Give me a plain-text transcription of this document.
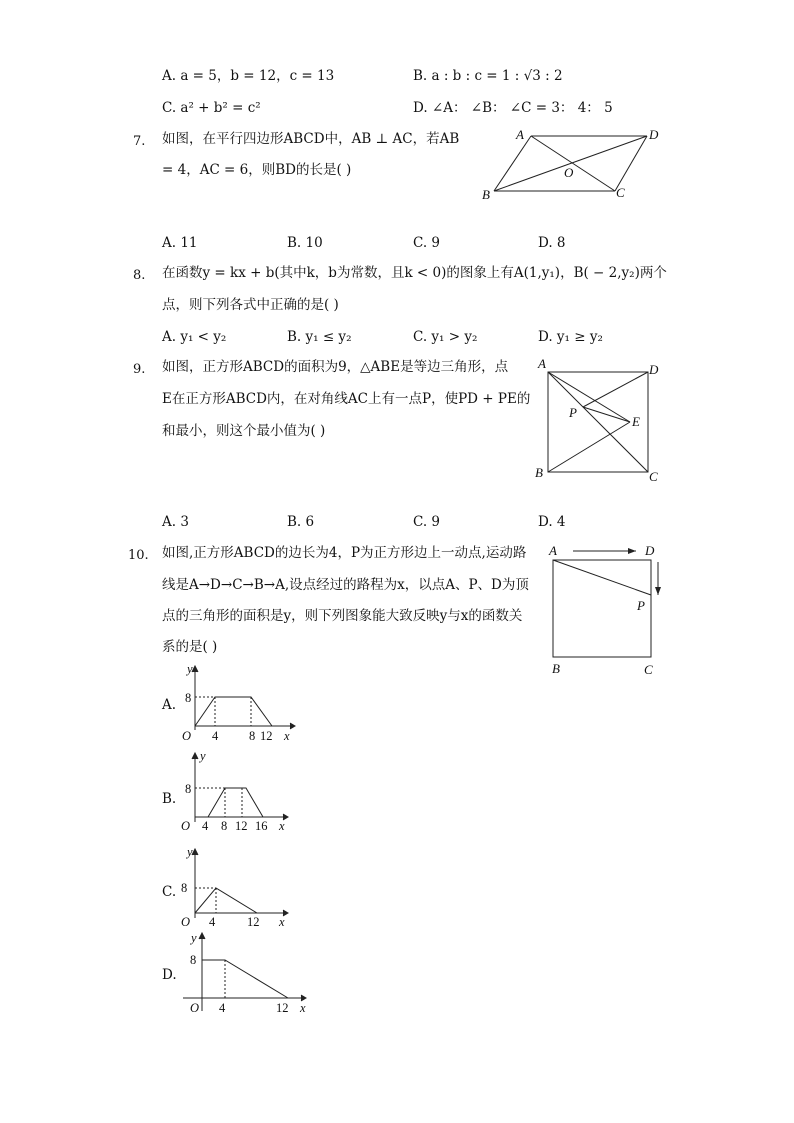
A. a = 5，b = 12，c = 13	B. a : b : c = 1 : √3 : 2
C. a² + b² = c²	D. ∠A： ∠B： ∠C = 3： 4： 5
7. 如图，在平行四边形ABCD中，AB ⊥ AC，若AB
= 4，AC = 6，则BD的长是( )
A	D
B	C
O
A. 11	B. 10	C. 9	D. 8
8. 在函数y = kx + b(其中k，b为常数，且k < 0)的图象上有A(1,y₁)，B( − 2,y₂)两个
点，则下列各式中正确的是( )
A. y₁ < y₂	B. y₁ ≤ y₂	C. y₁ > y₂	D. y₁ ≥ y₂
9. 如图，正方形ABCD的面积为9，△ABE是等边三角形，点
E在正方形ABCD内，在对角线AC上有一点P，使PD + PE的
和最小，则这个最小值为( )
A	D
B	C
P
E
A. 3	B. 6	C. 9	D. 4
10. 如图,正方形ABCD的边长为4，P为正方形边上一动点,运动路
线是A→D→C→B→A,设点经过的路程为x，以点A、P、D为顶
点的三角形的面积是y，则下列图象能大致反映y与x的函数关
系的是( )
A	D
P
B	C
A.
B.
C.
D.
y
8
O 4 8 12 x
y
8
O 4 8 12 16 x
y
8
O 4	12 x
y
8
O 4	12 x
